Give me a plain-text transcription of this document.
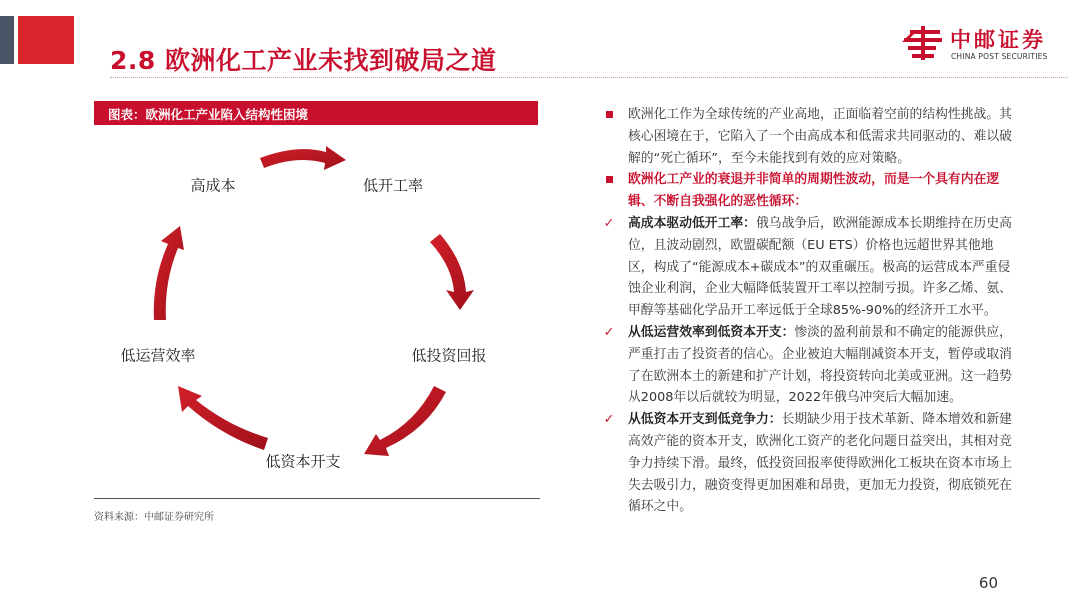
2.8 欧洲化工产业未找到破局之道
中邮证券
CHINA POST SECURITIES
图表：欧洲化工产业陷入结构性困境
高成本	低开工率
低投资回报
低资本开支
低运营效率
资料来源：中邮证券研究所
欧洲化工作为全球传统的产业高地，正面临着空前的结构性挑战。其核心困境在于，它陷入了一个由高成本和低需求共同驱动的、难以破解的“死亡循环”，至今未能找到有效的应对策略。
欧洲化工产业的衰退并非简单的周期性波动，而是一个具有内在逻辑、不断自我强化的恶性循环：
✓ 高成本驱动低开工率：俄乌战争后，欧洲能源成本长期维持在历史高位，且波动剧烈，欧盟碳配额（EU ETS）价格也远超世界其他地区，构成了“能源成本+碳成本”的双重碾压。极高的运营成本严重侵蚀企业利润，企业大幅降低装置开工率以控制亏损。许多乙烯、氨、甲醇等基础化学品开工率远低于全球85%-90%的经济开工水平。
✓ 从低运营效率到低资本开支：惨淡的盈利前景和不确定的能源供应，严重打击了投资者的信心。企业被迫大幅削减资本开支，暂停或取消了在欧洲本土的新建和扩产计划，将投资转向北美或亚洲。这一趋势从2008年以后就较为明显，2022年俄乌冲突后大幅加速。
✓ 从低资本开支到低竞争力：长期缺少用于技术革新、降本增效和新建高效产能的资本开支，欧洲化工资产的老化问题日益突出，其相对竞争力持续下滑。最终，低投资回报率使得欧洲化工板块在资本市场上失去吸引力，融资变得更加困难和昂贵，更加无力投资，彻底锁死在循环之中。
60
